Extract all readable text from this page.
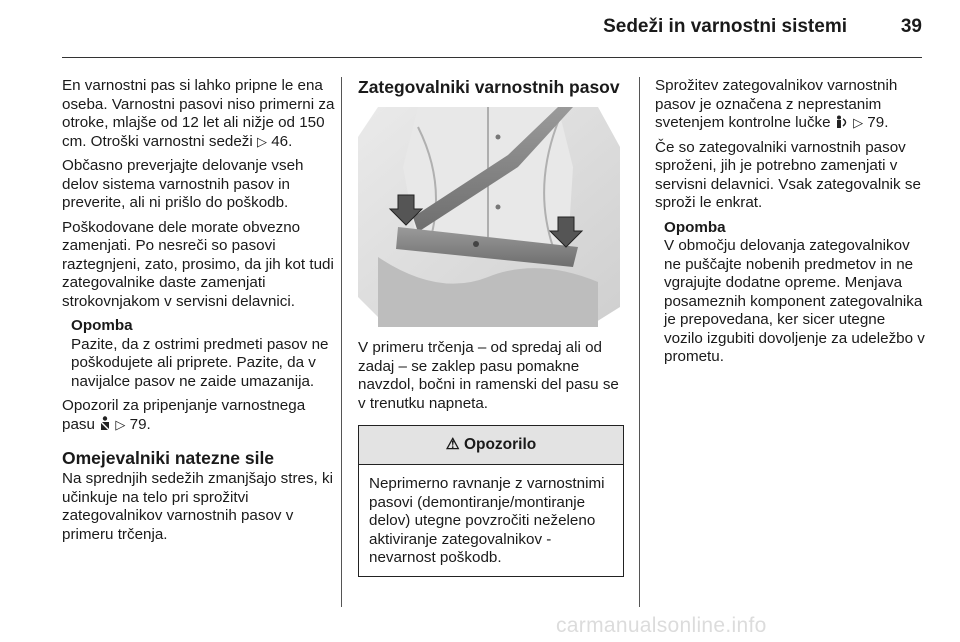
Sedeži in varnostni sistemi	39

En varnostni pas si lahko pripne le ena oseba. Varnostni pasovi niso primerni za otroke, mlajše od 12 let ali nižje od 150 cm. Otroški varnostni sedeži ▷ 46.

Občasno preverjajte delovanje vseh delov sistema varnostnih pasov in preverite, ali ni prišlo do poškodb.

Poškodovane dele morate obvezno zamenjati. Po nesreči so pasovi raztegnjeni, zato, prosimo, da jih kot tudi zategovalnike daste zamenjati strokovnjakom v servisni delavnici.

Opomba
Pazite, da z ostrimi predmeti pasov ne poškodujete ali priprete. Pazite, da v navijalce pasov ne zaide umazanija.

Opozoril za pripenjanje varnostnega pasu ▷ 79.

Omejevalniki natezne sile

Na sprednjih sedežih zmanjšajo stres, ki učinkuje na telo pri sprožitvi zategovalnikov varnostnih pasov v primeru trčenja.

Zategovalniki varnostnih pasov

V primeru trčenja – od spredaj ali od zadaj – se zaklep pasu pomakne navzdol, bočni in ramenski del pasu se v trenutku napneta.

⚠ Opozorilo
Neprimerno ravnanje z varnostnimi pasovi (demontiranje/montiranje delov) utegne povzročiti neželeno aktiviranje zategovalnikov - nevarnost poškodb.

Sprožitev zategovalnikov varnostnih pasov je označena z neprestanim svetenjem kontrolne lučke ▷ 79.

Če so zategovalniki varnostnih pasov sproženi, jih je potrebno zamenjati v servisni delavnici. Vsak zategovalnik se sproži le enkrat.

Opomba
V območju delovanja zategovalnikov ne puščajte nobenih predmetov in ne vgrajujte dodatne opreme. Menjava posameznih komponent zategovalnika je prepovedana, ker sicer utegne vozilo izgubiti dovoljenje za udeležbo v prometu.
carmanualsonline.info
